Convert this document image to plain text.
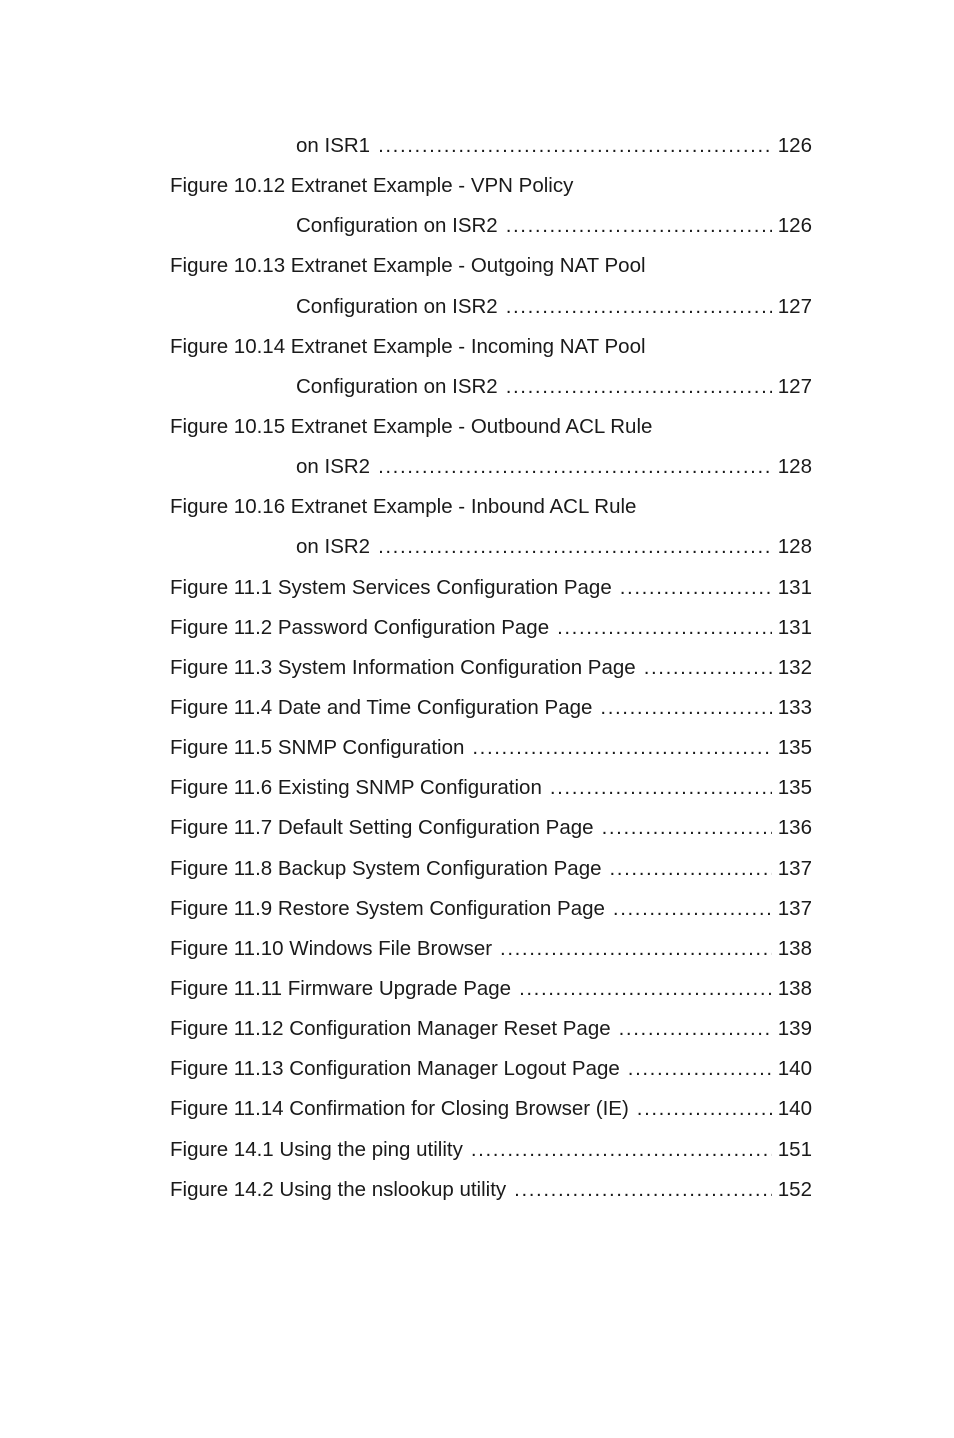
on ISR1 .....	126
Figure 10.12 Extranet Example - VPN Policy
Configuration on ISR2 .....	126
Figure 10.13 Extranet Example - Outgoing NAT Pool
Configuration on ISR2 .....	127
Figure 10.14 Extranet Example - Incoming NAT Pool
Configuration on ISR2 .....	127
Figure 10.15 Extranet Example - Outbound ACL Rule
on ISR2 .....	128
Figure 10.16 Extranet Example - Inbound ACL Rule
on ISR2 .....	128
Figure 11.1 System Services Configuration Page .....	131
Figure 11.2 Password Configuration Page .....	131
Figure 11.3 System Information Configuration Page .....	132
Figure 11.4 Date and Time Configuration Page .....	133
Figure 11.5 SNMP Configuration .....	135
Figure 11.6 Existing SNMP Configuration .....	135
Figure 11.7 Default Setting Configuration Page .....	136
Figure 11.8 Backup System Configuration Page .....	137
Figure 11.9 Restore System Configuration Page .....	137
Figure 11.10 Windows File Browser .....	138
Figure 11.11 Firmware Upgrade Page .....	138
Figure 11.12 Configuration Manager Reset Page .....	139
Figure 11.13 Configuration Manager Logout Page .....	140
Figure 11.14 Confirmation for Closing Browser (IE) .....	140
Figure 14.1 Using the ping utility .....	151
Figure 14.2 Using the nslookup utility .....	152
